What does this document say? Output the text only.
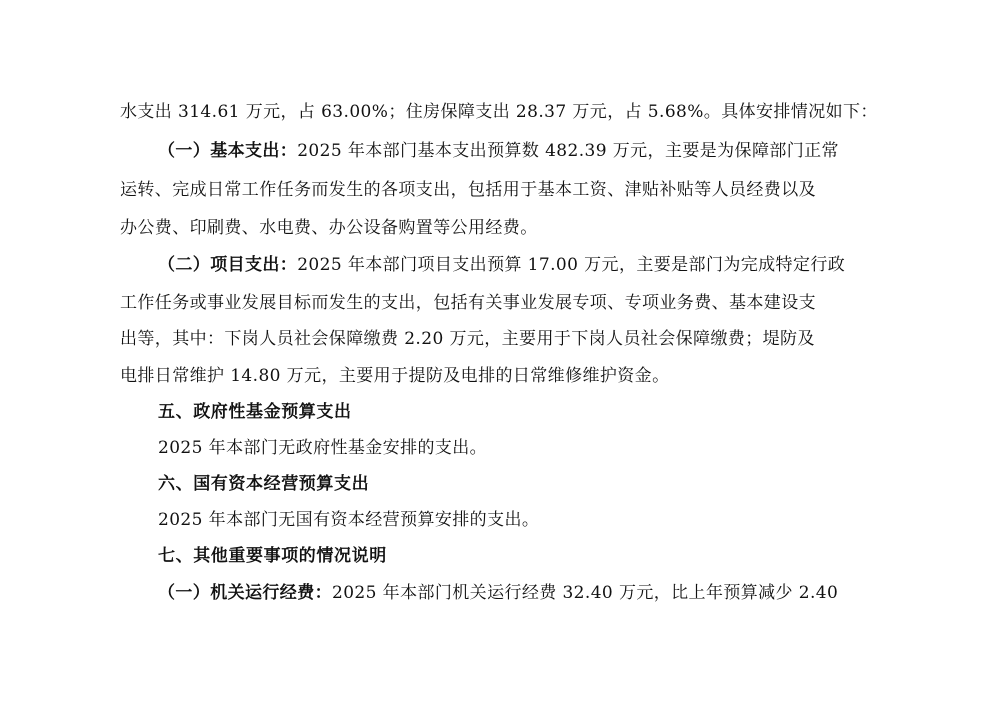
水支出 314.61 万元，占 63.00%；住房保障支出 28.37 万元，占 5.68%。具体安排情况如下：
（一）基本支出：2025 年本部门基本支出预算数 482.39 万元，主要是为保障部门正常
运转、完成日常工作任务而发生的各项支出，包括用于基本工资、津贴补贴等人员经费以及
办公费、印刷费、水电费、办公设备购置等公用经费。
（二）项目支出：2025 年本部门项目支出预算 17.00 万元，主要是部门为完成特定行政
工作任务或事业发展目标而发生的支出，包括有关事业发展专项、专项业务费、基本建设支
出等，其中：下岗人员社会保障缴费 2.20 万元，主要用于下岗人员社会保障缴费；堤防及
电排日常维护 14.80 万元，主要用于提防及电排的日常维修维护资金。
五、政府性基金预算支出
2025 年本部门无政府性基金安排的支出。
六、国有资本经营预算支出
2025 年本部门无国有资本经营预算安排的支出。
七、其他重要事项的情况说明
（一）机关运行经费：2025 年本部门机关运行经费 32.40 万元，比上年预算减少 2.40
